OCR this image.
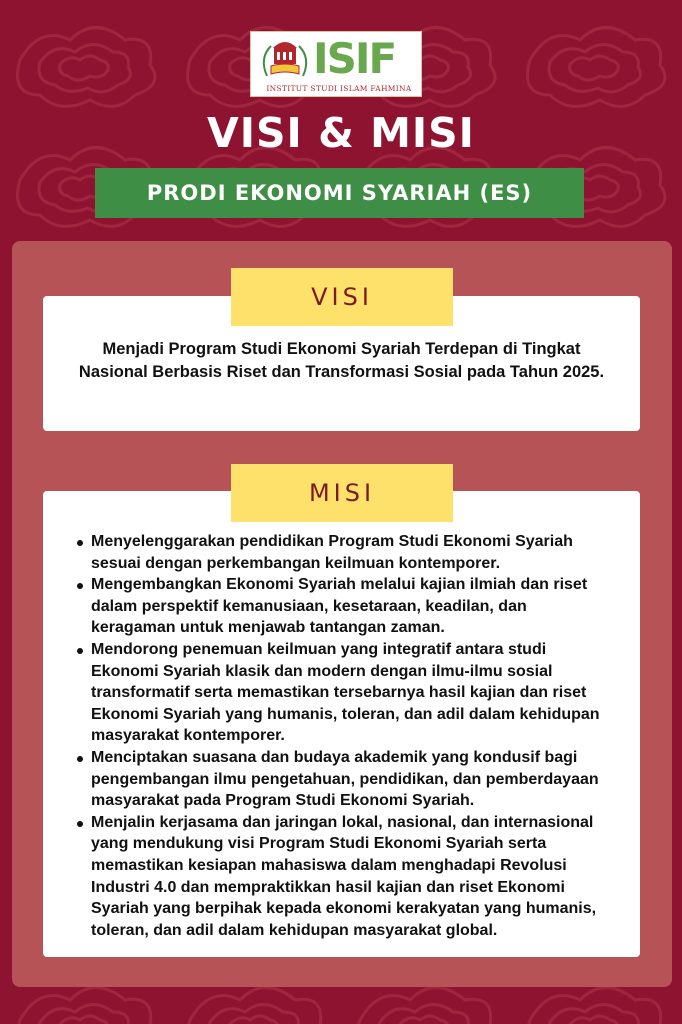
ISIF
INSTITUT STUDI ISLAM FAHMINA
VISI & MISI
PRODI EKONOMI SYARIAH (ES)
VISI
Menjadi Program Studi Ekonomi Syariah Terdepan di Tingkat Nasional Berbasis Riset dan Transformasi Sosial pada Tahun 2025.
MISI
Menyelenggarakan pendidikan Program Studi Ekonomi Syariah sesuai dengan perkembangan keilmuan kontemporer.
Mengembangkan Ekonomi Syariah melalui kajian ilmiah dan riset dalam perspektif kemanusiaan, kesetaraan, keadilan, dan keragaman untuk menjawab tantangan zaman.
Mendorong penemuan keilmuan yang integratif antara studi Ekonomi Syariah klasik dan modern dengan ilmu-ilmu sosial transformatif serta memastikan tersebarnya hasil kajian dan riset Ekonomi Syariah yang humanis, toleran, dan adil dalam kehidupan masyarakat kontemporer.
Menciptakan suasana dan budaya akademik yang kondusif bagi pengembangan ilmu pengetahuan, pendidikan, dan pemberdayaan masyarakat pada Program Studi Ekonomi Syariah.
Menjalin kerjasama dan jaringan lokal, nasional, dan internasional yang mendukung visi Program Studi Ekonomi Syariah serta memastikan kesiapan mahasiswa dalam menghadapi Revolusi Industri 4.0 dan mempraktikkan hasil kajian dan riset Ekonomi Syariah yang berpihak kepada ekonomi kerakyatan yang humanis, toleran, dan adil dalam kehidupan masyarakat global.
